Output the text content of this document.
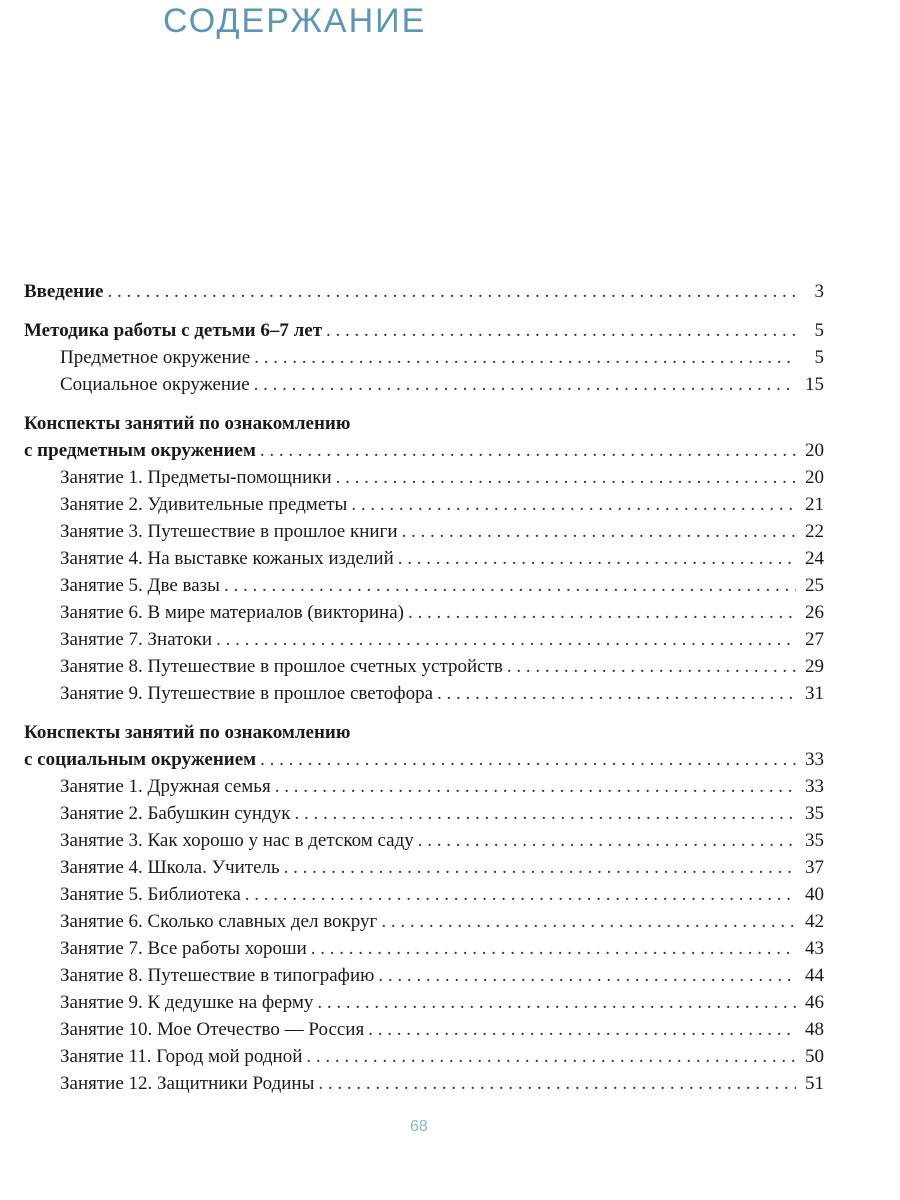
СОДЕРЖАНИЕ
Введение . . .	3
Методика работы с детьми 6–7 лет . . .	5
Предметное окружение . . .	5
Социальное окружение . . .	15
Конспекты занятий по ознакомлению
с предметным окружением . . .	20
Занятие 1. Предметы-помощники . . .	20
Занятие 2. Удивительные предметы . . .	21
Занятие 3. Путешествие в прошлое книги . . .	22
Занятие 4. На выставке кожаных изделий . . .	24
Занятие 5. Две вазы . . .	25
Занятие 6. В мире материалов (викторина) . . .	26
Занятие 7. Знатоки . . .	27
Занятие 8. Путешествие в прошлое счетных устройств . . .	29
Занятие 9. Путешествие в прошлое светофора . . .	31
Конспекты занятий по ознакомлению
с социальным окружением . . .	33
Занятие 1. Дружная семья . . .	33
Занятие 2. Бабушкин сундук . . .	35
Занятие 3. Как хорошо у нас в детском саду . . .	35
Занятие 4. Школа. Учитель . . .	37
Занятие 5. Библиотека . . .	40
Занятие 6. Сколько славных дел вокруг . . .	42
Занятие 7. Все работы хороши . . .	43
Занятие 8. Путешествие в типографию . . .	44
Занятие 9. К дедушке на ферму . . .	46
Занятие 10. Мое Отечество — Россия . . .	48
Занятие 11. Город мой родной . . .	50
Занятие 12. Защитники Родины . . .	51
68
